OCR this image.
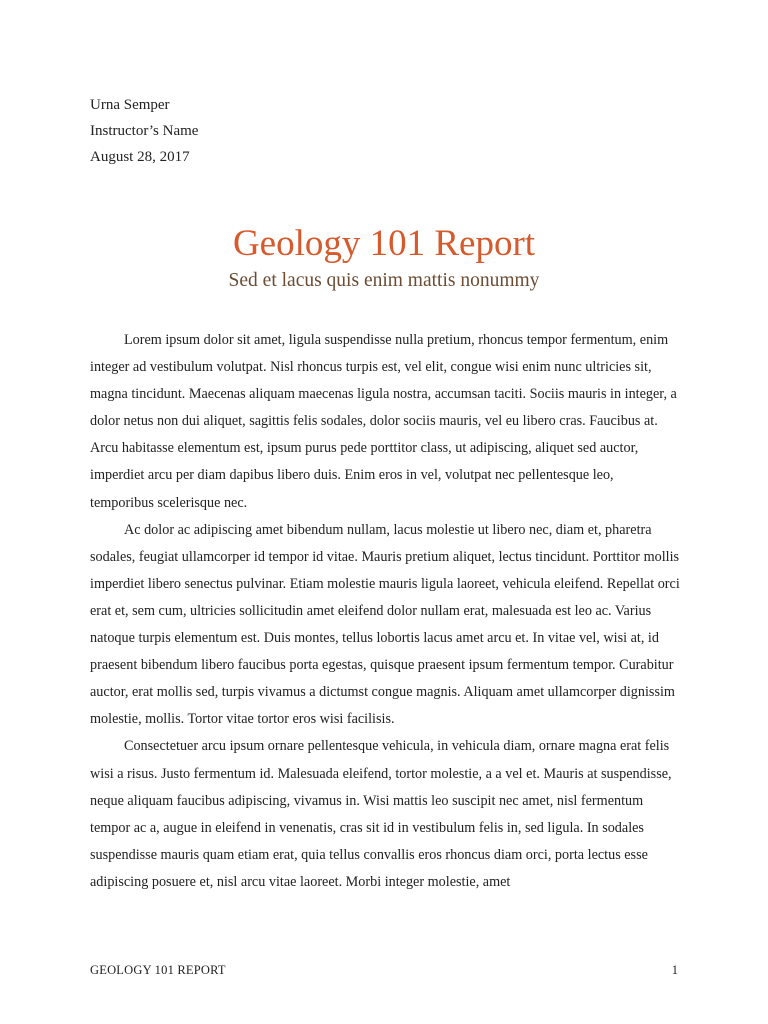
Urna Semper
Instructor’s Name
August 28, 2017
Geology 101 Report
Sed et lacus quis enim mattis nonummy

Lorem ipsum dolor sit amet, ligula suspendisse nulla pretium, rhoncus tempor fermentum, enim integer ad vestibulum volutpat. Nisl rhoncus turpis est, vel elit, congue wisi enim nunc ultricies sit, magna tincidunt. Maecenas aliquam maecenas ligula nostra, accumsan taciti. Sociis mauris in integer, a dolor netus non dui aliquet, sagittis felis sodales, dolor sociis mauris, vel eu libero cras. Faucibus at. Arcu habitasse elementum est, ipsum purus pede porttitor class, ut adipiscing, aliquet sed auctor, imperdiet arcu per diam dapibus libero duis. Enim eros in vel, volutpat nec pellentesque leo, temporibus scelerisque nec.

Ac dolor ac adipiscing amet bibendum nullam, lacus molestie ut libero nec, diam et, pharetra sodales, feugiat ullamcorper id tempor id vitae. Mauris pretium aliquet, lectus tincidunt. Porttitor mollis imperdiet libero senectus pulvinar. Etiam molestie mauris ligula laoreet, vehicula eleifend. Repellat orci erat et, sem cum, ultricies sollicitudin amet eleifend dolor nullam erat, malesuada est leo ac. Varius natoque turpis elementum est. Duis montes, tellus lobortis lacus amet arcu et. In vitae vel, wisi at, id praesent bibendum libero faucibus porta egestas, quisque praesent ipsum fermentum tempor. Curabitur auctor, erat mollis sed, turpis vivamus a dictumst congue magnis. Aliquam amet ullamcorper dignissim molestie, mollis. Tortor vitae tortor eros wisi facilisis.

Consectetuer arcu ipsum ornare pellentesque vehicula, in vehicula diam, ornare magna erat felis wisi a risus. Justo fermentum id. Malesuada eleifend, tortor molestie, a a vel et. Mauris at suspendisse, neque aliquam faucibus adipiscing, vivamus in. Wisi mattis leo suscipit nec amet, nisl fermentum tempor ac a, augue in eleifend in venenatis, cras sit id in vestibulum felis in, sed ligula. In sodales suspendisse mauris quam etiam erat, quia tellus convallis eros rhoncus diam orci, porta lectus esse adipiscing posuere et, nisl arcu vitae laoreet. Morbi integer molestie, amet

GEOLOGY 101 REPORT	1
